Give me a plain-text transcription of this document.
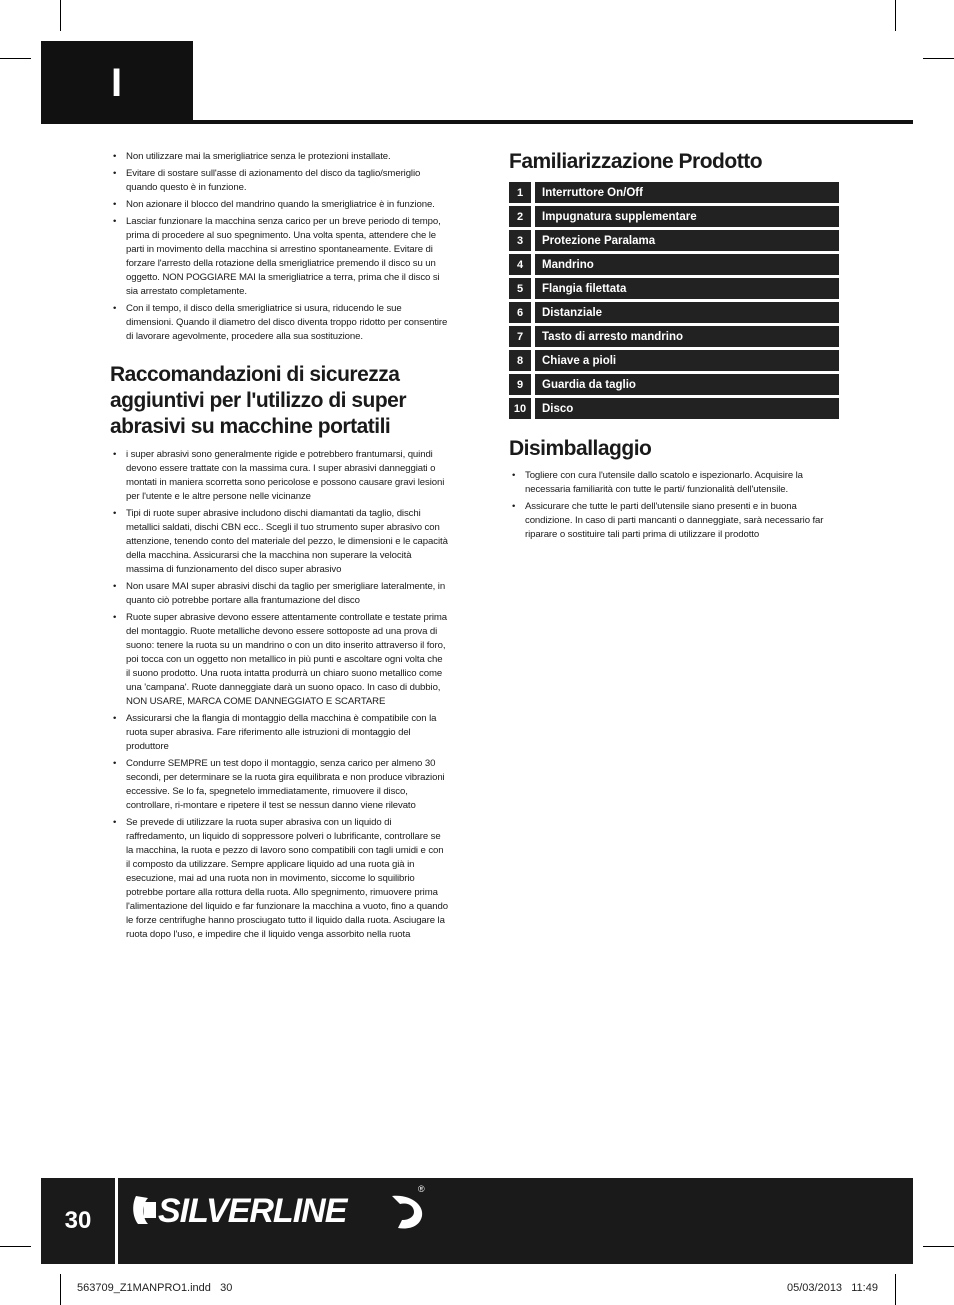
I
• Non utilizzare mai la smerigliatrice senza le protezioni installate.
• Evitare di sostare sull'asse di azionamento del disco da taglio/smeriglio quando questo è in funzione.
• Non azionare il blocco del mandrino quando la smerigliatrice è in funzione.
• Lasciar funzionare la macchina senza carico per un breve periodo di tempo, prima di procedere al suo spegnimento. Una volta spenta, attendere che le parti in movimento della macchina si arrestino spontaneamente. Evitare di forzare l'arresto della rotazione della smerigliatrice premendo il disco su un oggetto. NON POGGIARE MAI la smerigliatrice a terra, prima che il disco si sia arrestato completamente.
• Con il tempo, il disco della smerigliatrice si usura, riducendo le sue dimensioni. Quando il diametro del disco diventa troppo ridotto per consentire di lavorare agevolmente, procedere alla sua sostituzione.
Raccomandazioni di sicurezza aggiuntivi per l'utilizzo di super abrasivi su macchine portatili
• i super abrasivi sono generalmente rigide e potrebbero frantumarsi, quindi devono essere trattate con la massima cura. I super abrasivi danneggiati o montati in maniera scorretta sono pericolose e possono causare gravi lesioni per l'utente e le altre persone nelle vicinanze
• Tipi di ruote super abrasive includono dischi diamantati da taglio, dischi metallici saldati, dischi CBN ecc.. Scegli il tuo strumento super abrasivo con attenzione, tenendo conto del materiale del pezzo, le dimensioni e le capacità della macchina. Assicurarsi che la macchina non superare la velocità massima di funzionamento del disco super abrasivo
• Non usare MAI super abrasivi dischi da taglio per smerigliare lateralmente, in quanto ciò potrebbe portare alla frantumazione del disco
• Ruote super abrasive devono essere attentamente controllate e testate prima del montaggio. Ruote metalliche devono essere sottoposte ad una prova di suono: tenere la ruota su un mandrino o con un dito inserito attraverso il foro, poi tocca con un oggetto non metallico in più punti e ascoltare ogni volta che il suono prodotto. Una ruota intatta produrrà un chiaro suono metallico come una 'campana'. Ruote danneggiate darà un suono opaco. In caso di dubbio, NON USARE, MARCA COME DANNEGGIATO E SCARTARE
• Assicurarsi che la flangia di montaggio della macchina è compatibile con la ruota super abrasiva. Fare riferimento alle istruzioni di montaggio del produttore
• Condurre SEMPRE un test dopo il montaggio, senza carico per almeno 30 secondi, per determinare se la ruota gira equilibrata e non produce vibrazioni eccessive. Se lo fa, spegnetelo immediatamente, rimuovere il disco, controllare, ri-montare e ripetere il test se nessun danno viene rilevato
• Se prevede di utilizzare la ruota super abrasiva con un liquido di raffredamento, un liquido di soppressore polveri o lubrificante, controllare se la macchina, la ruota e pezzo di lavoro sono compatibili con tagli umidi e con il composto da utilizzare. Sempre applicare liquido ad una ruota già in esecuzione, mai ad una ruota non in movimento, siccome lo squilibrio potrebbe portare alla rottura della ruota. Allo spegnimento, rimuovere prima l'alimentazione del liquido e far funzionare la macchina a vuoto, fino a quando le forze centrifughe hanno prosciugato tutto il liquido dalla ruota. Asciugare la ruota dopo l'uso, e impedire che il liquido venga assorbito nella ruota
Familiarizzazione Prodotto
1	Interruttore On/Off
2	Impugnatura supplementare
3	Protezione Paralama
4	Mandrino
5	Flangia filettata
6	Distanziale
7	Tasto di arresto mandrino
8	Chiave a pioli
9	Guardia da taglio
10	Disco
Disimballaggio
• Togliere con cura l'utensile dallo scatolo e ispezionarlo. Acquisire la necessaria familiarità con tutte le parti/ funzionalità dell'utensile.
• Assicurare che tutte le parti dell'utensile siano presenti e in buona condizione. In caso di parti mancanti o danneggiate, sarà necessario far riparare o sostituire tali parti prima di utilizzare il prodotto
30	SILVERLINE
®
563709_Z1MANPRO1.indd   30	05/03/2013   11:49
